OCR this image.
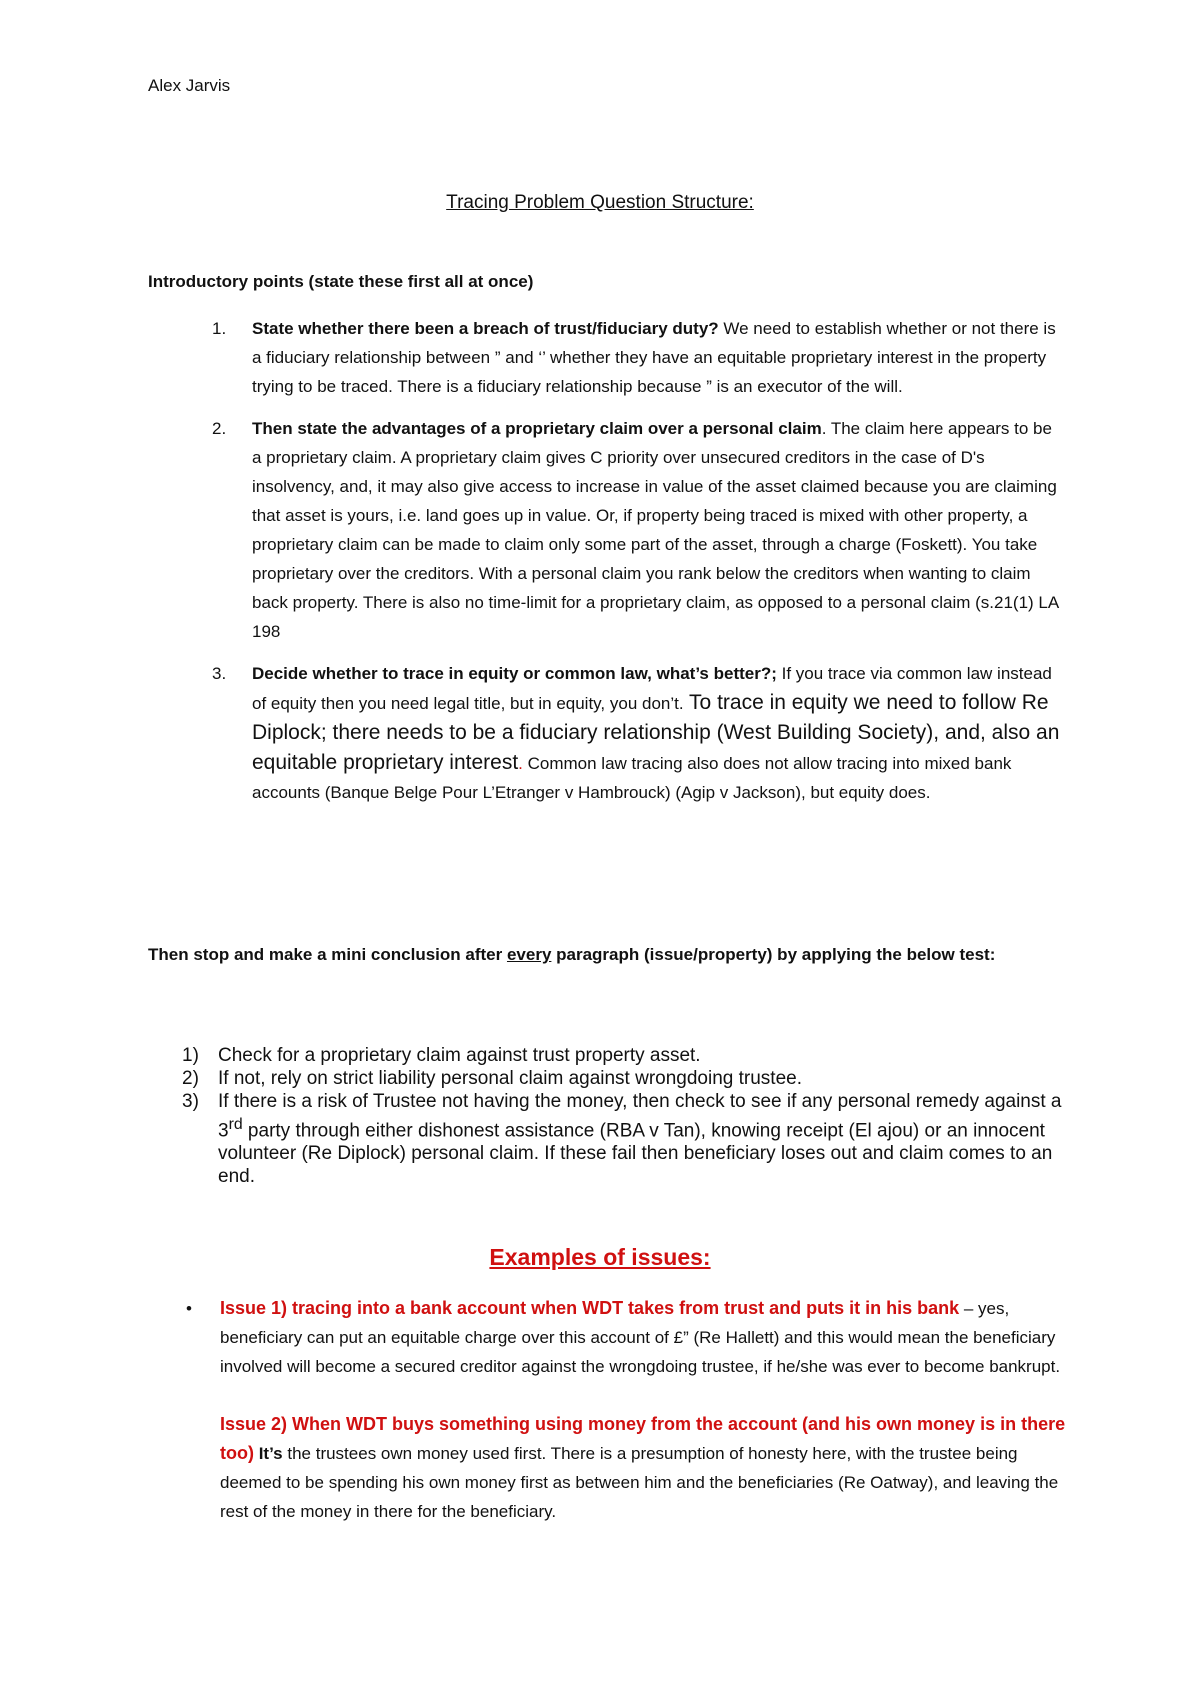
Alex Jarvis
Tracing Problem Question Structure:
Introductory points (state these first all at once)
1. State whether there been a breach of trust/fiduciary duty? We need to establish whether or not there is a fiduciary relationship between ” and ‘’ whether they have an equitable proprietary interest in the property trying to be traced. There is a fiduciary relationship because ” is an executor of the will.
2. Then state the advantages of a proprietary claim over a personal claim. The claim here appears to be a proprietary claim. A proprietary claim gives C priority over unsecured creditors in the case of D's insolvency, and, it may also give access to increase in value of the asset claimed because you are claiming that asset is yours, i.e. land goes up in value. Or, if property being traced is mixed with other property, a proprietary claim can be made to claim only some part of the asset, through a charge (Foskett). You take proprietary over the creditors. With a personal claim you rank below the creditors when wanting to claim back property. There is also no time-limit for a proprietary claim, as opposed to a personal claim (s.21(1) LA 198
3. Decide whether to trace in equity or common law, what’s better?; If you trace via common law instead of equity then you need legal title, but in equity, you don’t. To trace in equity we need to follow Re Diplock; there needs to be a fiduciary relationship (West Building Society), and, also an equitable proprietary interest. Common law tracing also does not allow tracing into mixed bank accounts (Banque Belge Pour L’Etranger v Hambrouck) (Agip v Jackson), but equity does.
Then stop and make a mini conclusion after every paragraph (issue/property) by applying the below test:
1) Check for a proprietary claim against trust property asset.
2) If not, rely on strict liability personal claim against wrongdoing trustee.
3) If there is a risk of Trustee not having the money, then check to see if any personal remedy against a 3rd party through either dishonest assistance (RBA v Tan), knowing receipt (El ajou) or an innocent volunteer (Re Diplock) personal claim. If these fail then beneficiary loses out and claim comes to an end.
Examples of issues:
• Issue 1) tracing into a bank account when WDT takes from trust and puts it in his bank – yes, beneficiary can put an equitable charge over this account of £” (Re Hallett) and this would mean the beneficiary involved will become a secured creditor against the wrongdoing trustee, if he/she was ever to become bankrupt.
Issue 2) When WDT buys something using money from the account (and his own money is in there too) It’s the trustees own money used first. There is a presumption of honesty here, with the trustee being deemed to be spending his own money first as between him and the beneficiaries (Re Oatway), and leaving the rest of the money in there for the beneficiary.
